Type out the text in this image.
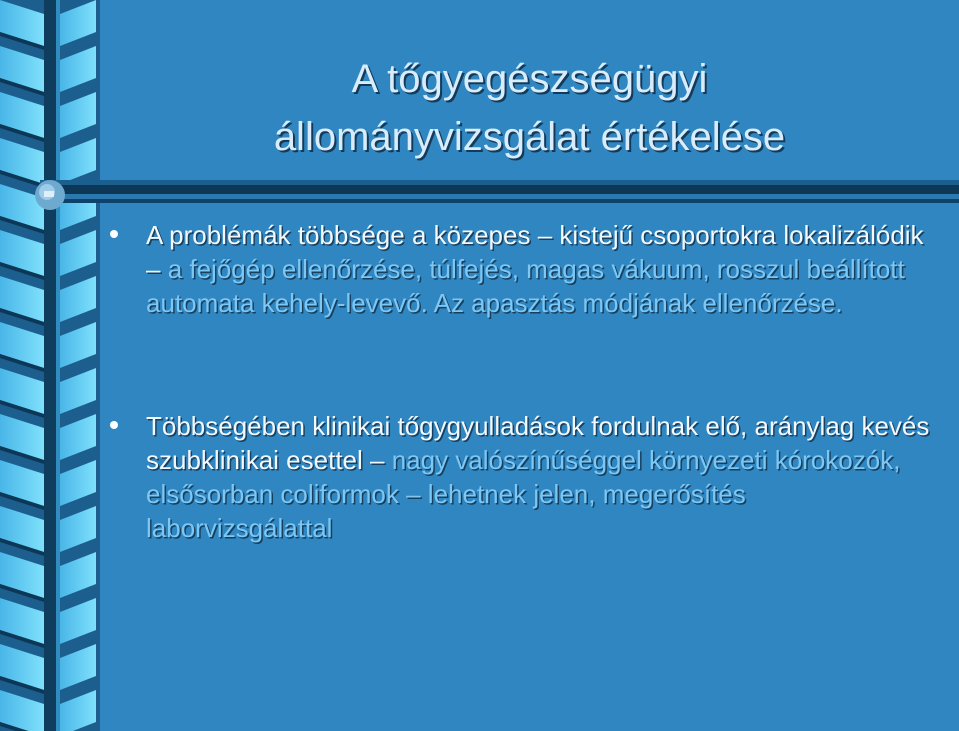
A tőgyegészségügyi
állományvizsgálat értékelése

A problémák többsége a közepes – kistejű csoportokra lokalizálódik – a fejőgép ellenőrzése, túlfejés, magas vákuum, rosszul beállított automata kehely-levevő. Az apasztás módjának ellenőrzése.

Többségében klinikai tőgygyulladások fordulnak elő, aránylag kevés szubklinikai esettel – nagy valószínűséggel környezeti kórokozók, elsősorban coliformok – lehetnek jelen, megerősítés laborvizsgálattal
